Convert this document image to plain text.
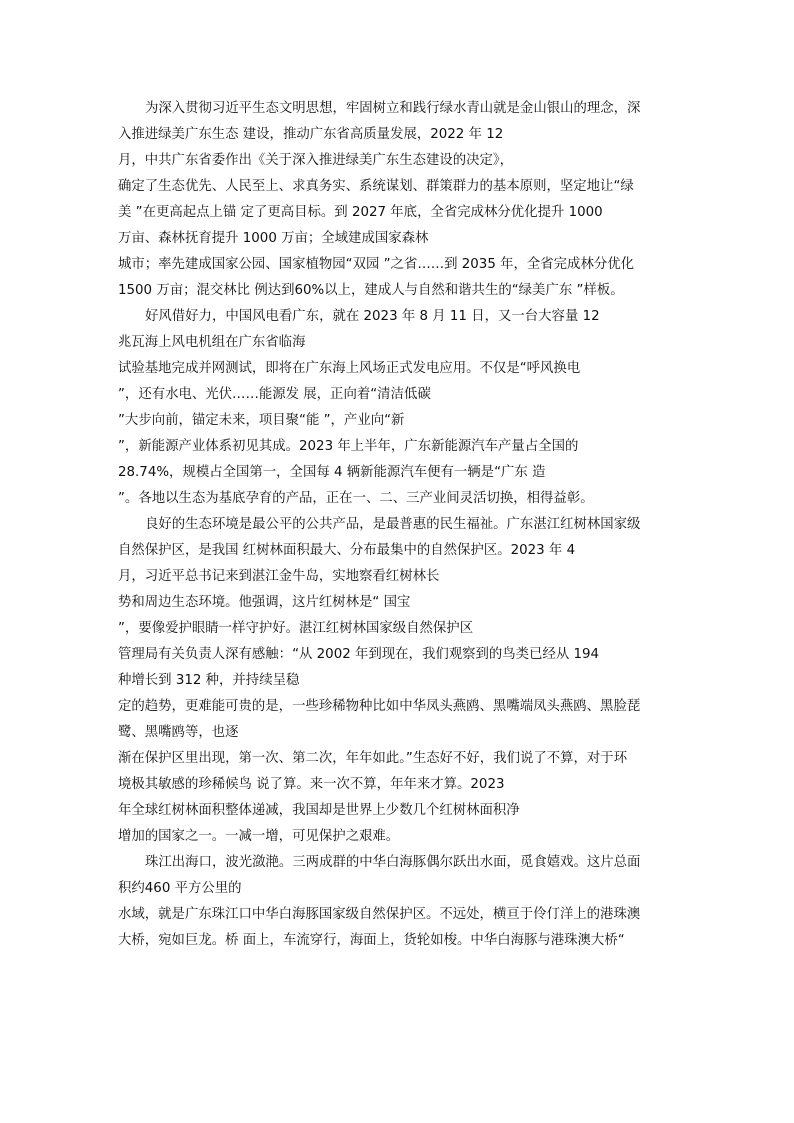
为深入贯彻习近平生态文明思想，牢固树立和践行绿水青山就是金山银山的理念，深
入推进绿美广东生态 建设，推动广东省高质量发展，2022 年 12
月，中共广东省委作出《关于深入推进绿美广东生态建设的决定》，
确定了生态优先、人民至上、求真务实、系统谋划、群策群力的基本原则，坚定地让“绿
美 ”在更高起点上锚 定了更高目标。到 2027 年底，全省完成林分优化提升 1000
万亩、森林抚育提升 1000 万亩；全域建成国家森林
城市；率先建成国家公园、国家植物园“双园 ”之省……到 2035 年，全省完成林分优化
1500 万亩；混交林比 例达到60%以上，建成人与自然和谐共生的“绿美广东 ”样板。
好风借好力，中国风电看广东，就在 2023 年 8 月 11 日，又一台大容量 12
兆瓦海上风电机组在广东省临海
试验基地完成并网测试，即将在广东海上风场正式发电应用。不仅是“呼风换电
”，还有水电、光伏……能源发 展，正向着“清洁低碳
”大步向前，锚定未来，项目聚“能 ”，产业向“新
”，新能源产业体系初见其成。2023 年上半年，广东新能源汽车产量占全国的
28.74%，规模占全国第一，全国每 4 辆新能源汽车便有一辆是“广东 造
”。各地以生态为基底孕育的产品，正在一、二、三产业间灵活切换，相得益彰。
良好的生态环境是最公平的公共产品，是最普惠的民生福祉。广东湛江红树林国家级
自然保护区，是我国 红树林面积最大、分布最集中的自然保护区。2023 年 4
月，习近平总书记来到湛江金牛岛，实地察看红树林长
势和周边生态环境。他强调，这片红树林是“ 国宝
”，要像爱护眼睛一样守护好。湛江红树林国家级自然保护区
管理局有关负责人深有感触：“从 2002 年到现在，我们观察到的鸟类已经从 194
种增长到 312 种，并持续呈稳
定的趋势，更难能可贵的是，一些珍稀物种比如中华凤头燕鸥、黑嘴端凤头燕鸥、黑脸琵
鹭、黑嘴鸥等，也逐
渐在保护区里出现，第一次、第二次，年年如此。”生态好不好，我们说了不算，对于环
境极其敏感的珍稀候鸟 说了算。来一次不算，年年来才算。2023
年全球红树林面积整体递减，我国却是世界上少数几个红树林面积净
增加的国家之一。一减一增，可见保护之艰难。
珠江出海口，波光潋滟。三两成群的中华白海豚偶尔跃出水面，觅食嬉戏。这片总面
积约460 平方公里的
水域，就是广东珠江口中华白海豚国家级自然保护区。不远处，横亘于伶仃洋上的港珠澳
大桥，宛如巨龙。桥 面上，车流穿行，海面上，货轮如梭。中华白海豚与港珠澳大桥“
